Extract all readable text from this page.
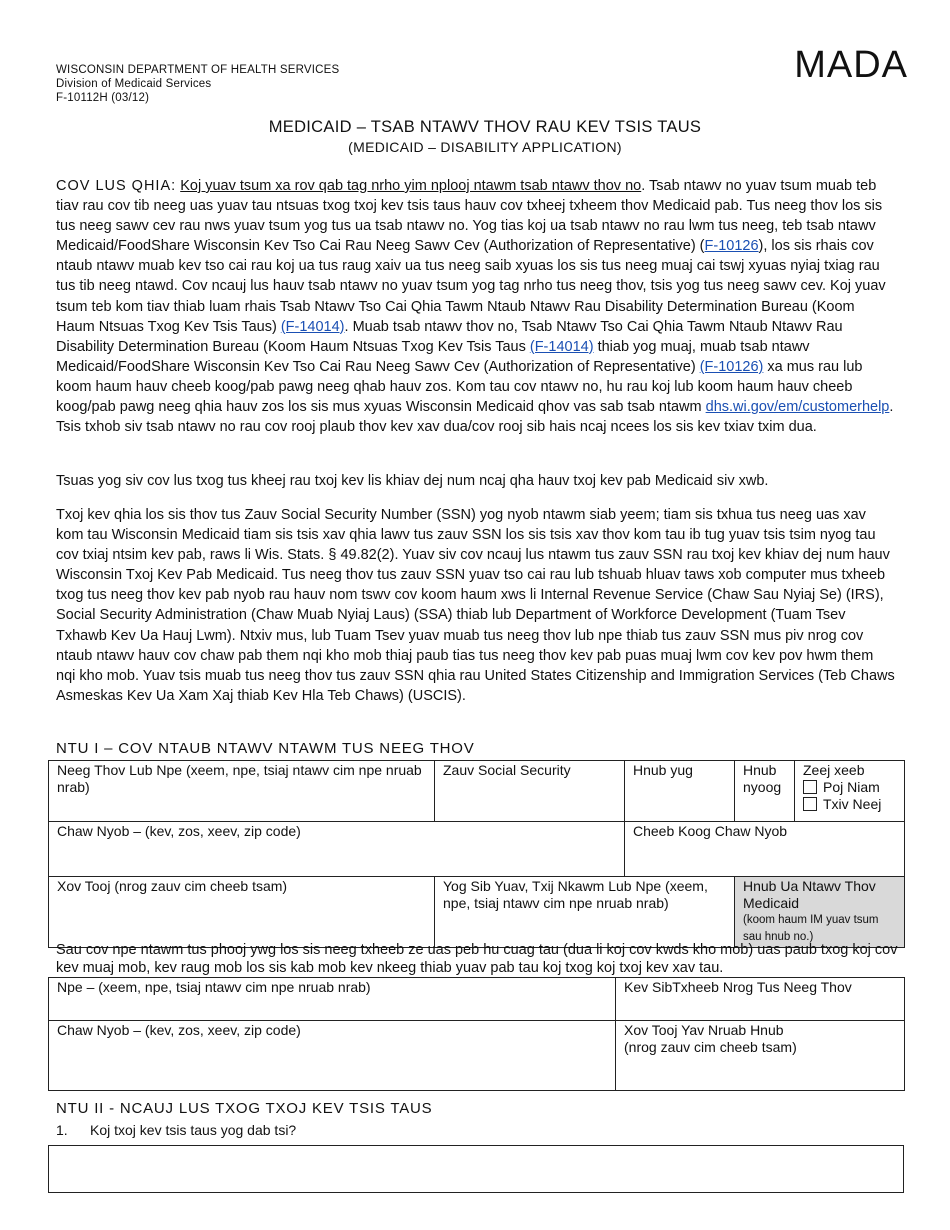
WISCONSIN DEPARTMENT OF HEALTH SERVICES
Division of Medicaid Services
F-10112H (03/12)
MADA
MEDICAID – TSAB NTAWV THOV RAU KEV TSIS TAUS
(MEDICAID – DISABILITY APPLICATION)
COV LUS QHIA: Koj yuav tsum xa rov qab tag nrho yim nplooj ntawm tsab ntawv thov no. Tsab ntawv no yuav tsum muab teb tiav rau cov tib neeg uas yuav tau ntsuas txog txoj kev tsis taus hauv cov txheej txheem thov Medicaid pab. Tus neeg thov los sis tus neeg sawv cev rau nws yuav tsum yog tus ua tsab ntawv no. Yog tias koj ua tsab ntawv no rau lwm tus neeg, teb tsab ntawv Medicaid/FoodShare Wisconsin Kev Tso Cai Rau Neeg Sawv Cev (Authorization of Representative) (F-10126), los sis rhais cov ntaub ntawv muab kev tso cai rau koj ua tus raug xaiv ua tus neeg saib xyuas los sis tus neeg muaj cai tswj xyuas nyiaj txiag rau tus tib neeg ntawd. Cov ncauj lus hauv tsab ntawv no yuav tsum yog tag nrho tus neeg thov, tsis yog tus neeg sawv cev. Koj yuav tsum teb kom tiav thiab luam rhais Tsab Ntawv Tso Cai Qhia Tawm Ntaub Ntawv Rau Disability Determination Bureau (Koom Haum Ntsuas Txog Kev Tsis Taus) (F-14014). Muab tsab ntawv thov no, Tsab Ntawv Tso Cai Qhia Tawm Ntaub Ntawv Rau Disability Determination Bureau (Koom Haum Ntsuas Txog Kev Tsis Taus (F-14014) thiab yog muaj, muab tsab ntawv Medicaid/FoodShare Wisconsin Kev Tso Cai Rau Neeg Sawv Cev (Authorization of Representative) (F-10126) xa mus rau lub koom haum hauv cheeb koog/pab pawg neeg qhab hauv zos. Kom tau cov ntawv no, hu rau koj lub koom haum hauv cheeb koog/pab pawg neeg qhia hauv zos los sis mus xyuas Wisconsin Medicaid qhov vas sab tsab ntawm dhs.wi.gov/em/customerhelp. Tsis txhob siv tsab ntawv no rau cov rooj plaub thov kev xav dua/cov rooj sib hais ncaj ncees los sis kev txiav txim dua.
Tsuas yog siv cov lus txog tus kheej rau txoj kev lis khiav dej num ncaj qha hauv txoj kev pab Medicaid siv xwb.
Txoj kev qhia los sis thov tus Zauv Social Security Number (SSN) yog nyob ntawm siab yeem; tiam sis txhua tus neeg uas xav kom tau Wisconsin Medicaid tiam sis tsis xav qhia lawv tus zauv SSN los sis tsis xav thov kom tau ib tug yuav tsis tsim nyog tau cov txiaj ntsim kev pab, raws li Wis. Stats. § 49.82(2). Yuav siv cov ncauj lus ntawm tus zauv SSN rau txoj kev khiav dej num hauv Wisconsin Txoj Kev Pab Medicaid. Tus neeg thov tus zauv SSN yuav tso cai rau lub tshuab hluav taws xob computer mus txheeb txog tus neeg thov kev pab nyob rau hauv nom tswv cov koom haum xws li Internal Revenue Service (Chaw Sau Nyiaj Se) (IRS), Social Security Administration (Chaw Muab Nyiaj Laus) (SSA) thiab lub Department of Workforce Development (Tuam Tsev Txhawb Kev Ua Hauj Lwm). Ntxiv mus, lub Tuam Tsev yuav muab tus neeg thov lub npe thiab tus zauv SSN mus piv nrog cov ntaub ntawv hauv cov chaw pab them nqi kho mob thiaj paub tias tus neeg thov kev pab puas muaj lwm cov kev pov hwm them nqi kho mob. Yuav tsis muab tus neeg thov tus zauv SSN qhia rau United States Citizenship and Immigration Services (Teb Chaws Asmeskas Kev Ua Xam Xaj thiab Kev Hla Teb Chaws) (USCIS).
NTU I – COV NTAUB NTAWV NTAWM TUS NEEG THOV
Neeg Thov Lub Npe (xeem, npe, tsiaj ntawv cim npe nruab nrab)	Zauv Social Security	Hnub yug	Hnub nyoog	Zeej xeeb
Poj Niam
Txiv Neej

Chaw Nyob – (kev, zos, xeev, zip code)		Cheeb Koog Chaw Nyob		
Xov Tooj (nrog zauv cim cheeb tsam)	Yog Sib Yuav, Txij Nkawm Lub Npe (xeem, npe, tsiaj ntawv cim npe nruab nrab)		Hnub Ua Ntawv Thov Medicaid
(koom haum IM yuav tsum sau hnub no.)	
Sau cov npe ntawm tus phooj ywg los sis neeg txheeb ze uas peb hu cuag tau (dua li koj cov kwds kho mob) uas paub txog koj cov kev muaj mob, kev raug mob los sis kab mob kev nkeeg thiab yuav pab tau koj txog koj txoj kev xav tau.
Npe – (xeem, npe, tsiaj ntawv cim npe nruab nrab)	Kev SibTxheeb Nrog Tus Neeg Thov
Chaw Nyob – (kev, zos, xeev, zip code)	Xov Tooj Yav Nruab Hnub
(nrog zauv cim cheeb tsam)
NTU II - NCAUJ LUS TXOG TXOJ KEV TSIS TAUS
1. Koj txoj kev tsis taus yog dab tsi?
